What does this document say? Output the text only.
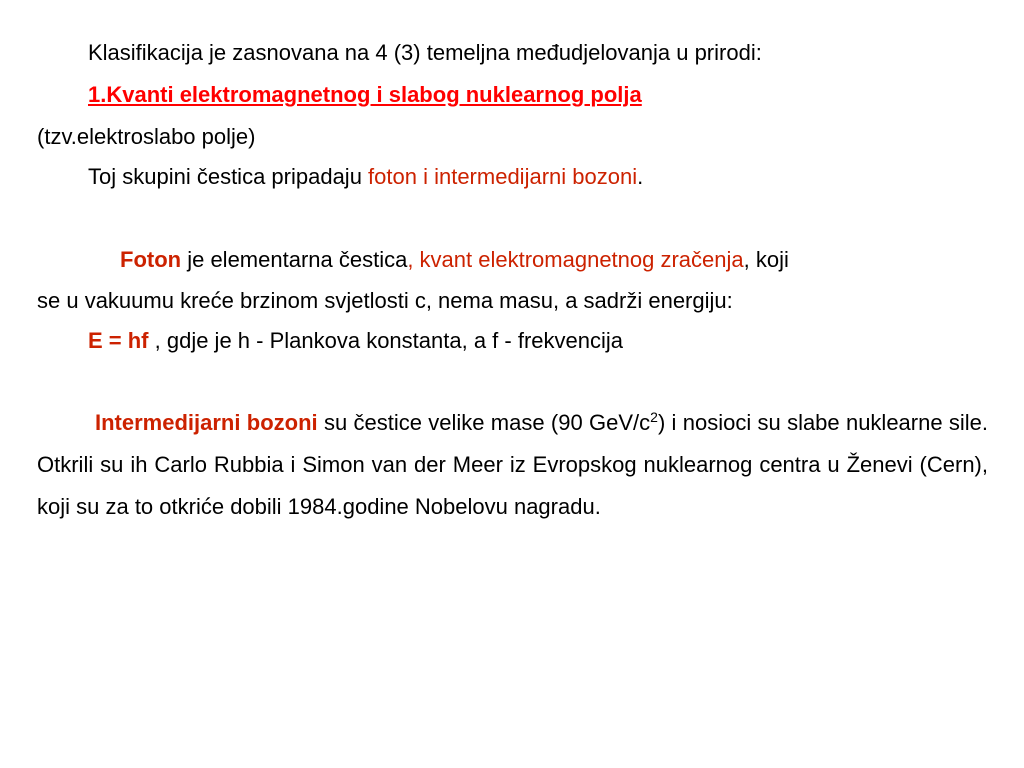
Klasifikacija je zasnovana na 4 (3) temeljna međudjelovanja u prirodi:
1.Kvanti elektromagnetnog i slabog nuklearnog polja
(tzv.elektroslabo polje)
Toj skupini čestica pripadaju foton i intermedijarni bozoni.
Foton je elementarna čestica, kvant elektromagnetnog zračenja, koji
se u vakuumu kreće brzinom svjetlosti c, nema masu, a sadrži energiju:
E = hf , gdje je h - Plankova konstanta, a f - frekvencija
Intermedijarni bozoni su čestice velike mase (90 GeV/$c^2$) i nosioci su slabe nuklearne sile. Otkrili su ih Carlo Rubbia i Simon van der Meer iz Evropskog nuklearnog centra u Ženevi (Cern), koji su za to otkriće dobili 1984.godine Nobelovu nagradu.
